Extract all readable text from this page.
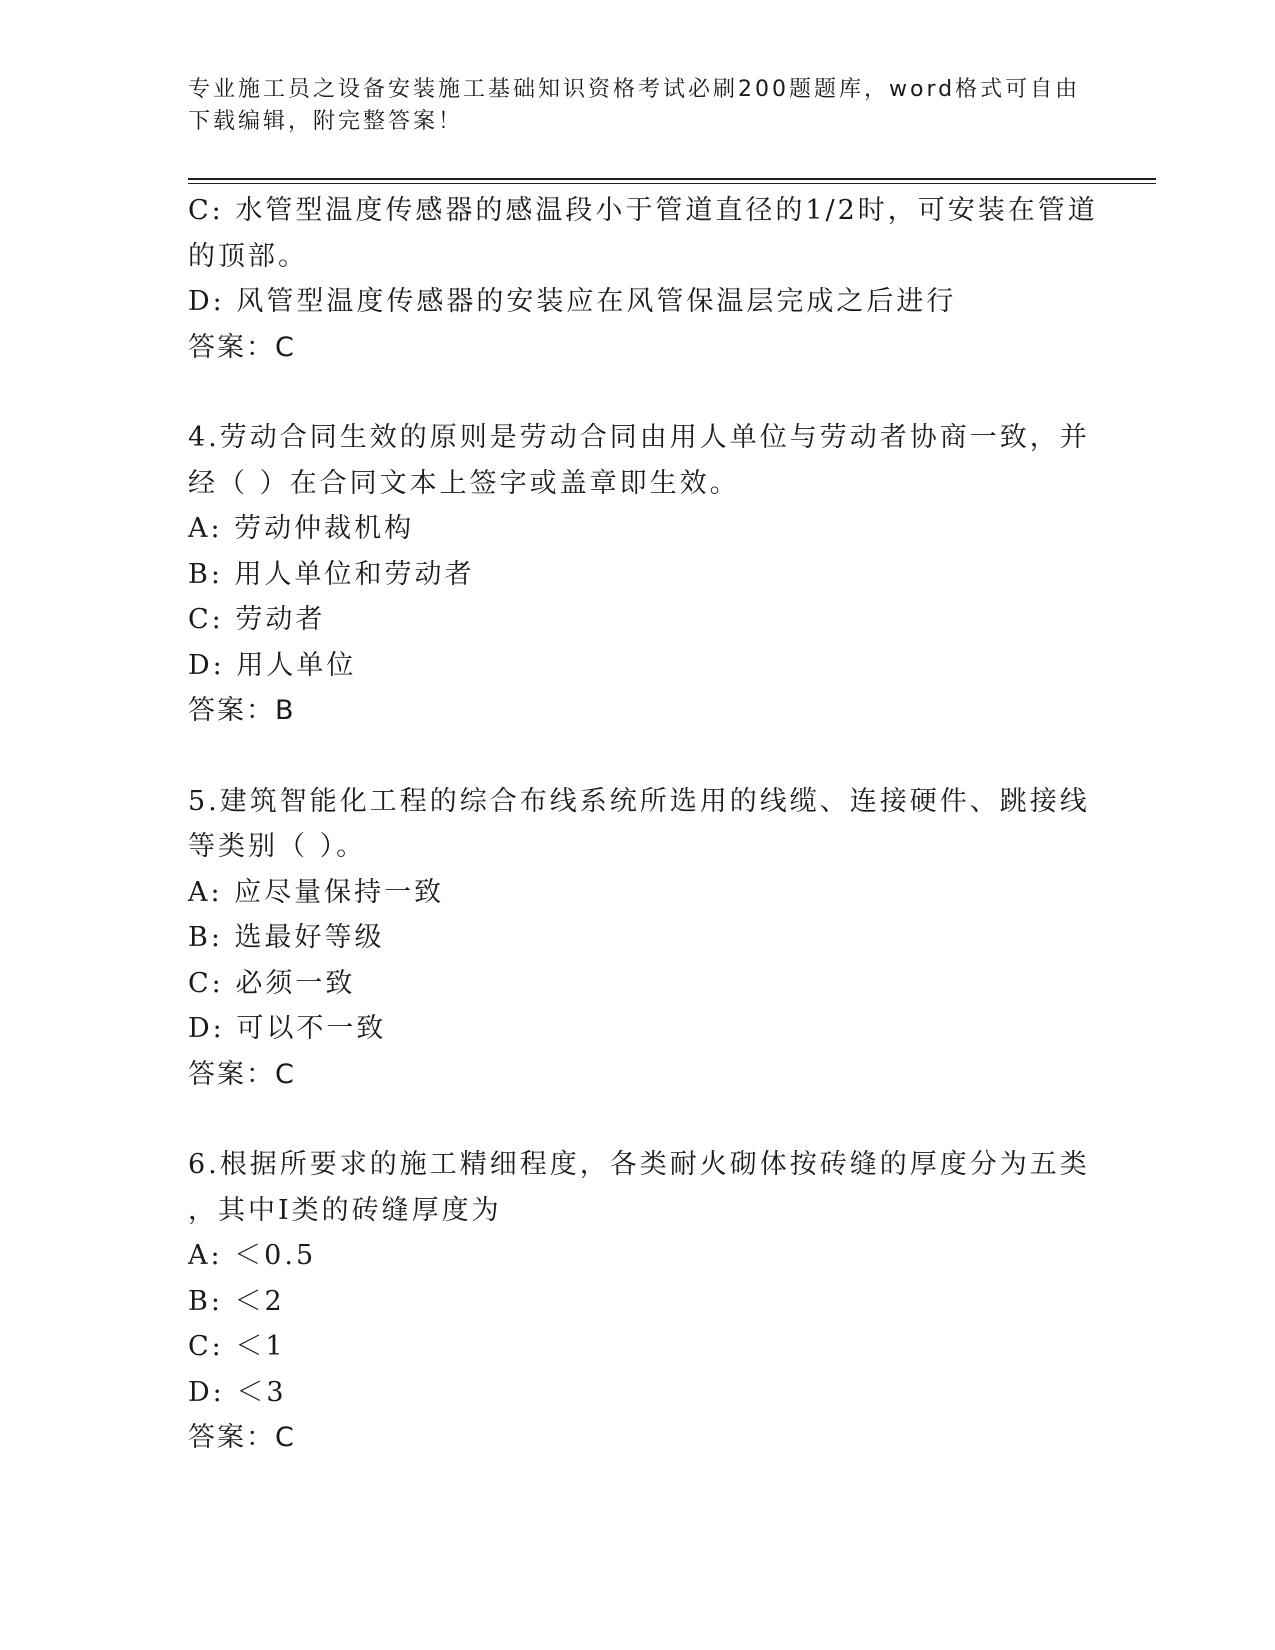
专业施工员之设备安装施工基础知识资格考试必刷200题题库，word格式可自由
下载编辑，附完整答案！
C: 水管型温度传感器的感温段小于管道直径的1/2时，可安装在管道
的顶部。
D: 风管型温度传感器的安装应在风管保温层完成之后进行
答案：C
4.劳动合同生效的原则是劳动合同由用人单位与劳动者协商一致，并
经（ ）在合同文本上签字或盖章即生效。
A: 劳动仲裁机构
B: 用人单位和劳动者
C: 劳动者
D: 用人单位
答案：B
5.建筑智能化工程的综合布线系统所选用的线缆、连接硬件、跳接线
等类别（ ）。
A: 应尽量保持一致
B: 选最好等级
C: 必须一致
D: 可以不一致
答案：C
6.根据所要求的施工精细程度，各类耐火砌体按砖缝的厚度分为五类
，其中Ⅰ类的砖缝厚度为
A: ＜0.5
B: ＜2
C: ＜1
D: ＜3
答案：C
